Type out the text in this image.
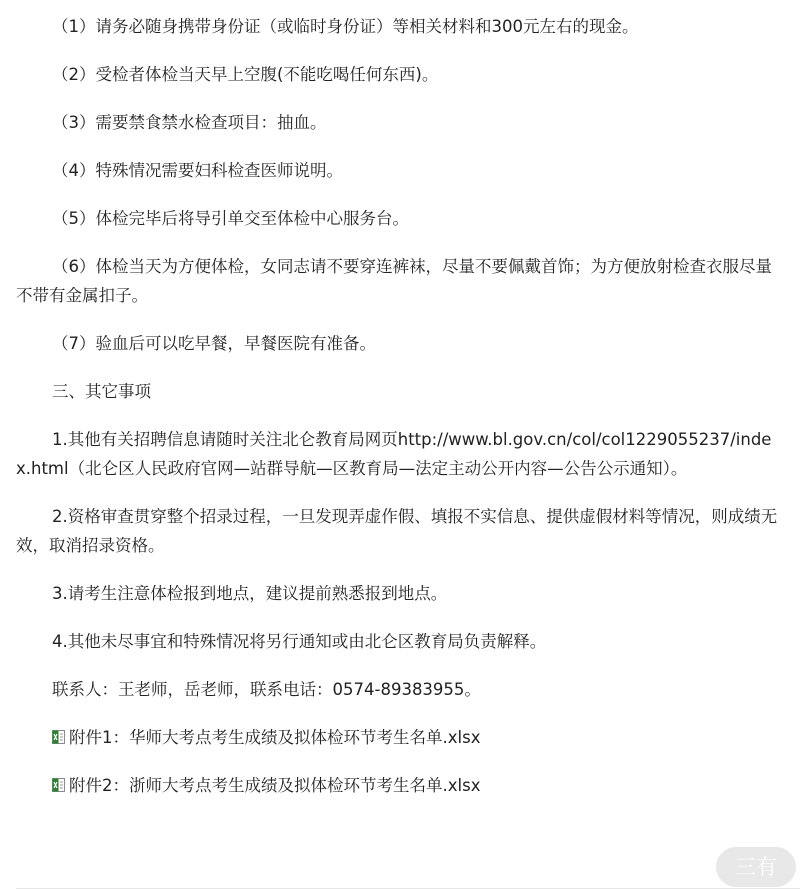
（1）请务必随身携带身份证（或临时身份证）等相关材料和300元左右的现金。

（2）受检者体检当天早上空腹(不能吃喝任何东西)。

（3）需要禁食禁水检查项目：抽血。

（4）特殊情况需要妇科检查医师说明。

（5）体检完毕后将导引单交至体检中心服务台。

（6）体检当天为方便体检，女同志请不要穿连裤袜，尽量不要佩戴首饰；为方便放射检查衣服尽量不带有金属扣子。

（7）验血后可以吃早餐，早餐医院有准备。

三、其它事项

1.其他有关招聘信息请随时关注北仑教育局网页http://www.bl.gov.cn/col/col1229055237/index.html（北仑区人民政府官网—站群导航—区教育局—法定主动公开内容—公告公示通知）。

2.资格审查贯穿整个招录过程，一旦发现弄虚作假、填报不实信息、提供虚假材料等情况，则成绩无效，取消招录资格。

3.请考生注意体检报到地点，建议提前熟悉报到地点。

4.其他未尽事宜和特殊情况将另行通知或由北仑区教育局负责解释。

联系人：王老师，岳老师，联系电话：0574-89383955。

附件1：华师大考点考生成绩及拟体检环节考生名单.xlsx
附件2：浙师大考点考生成绩及拟体检环节考生名单.xlsx
三有
